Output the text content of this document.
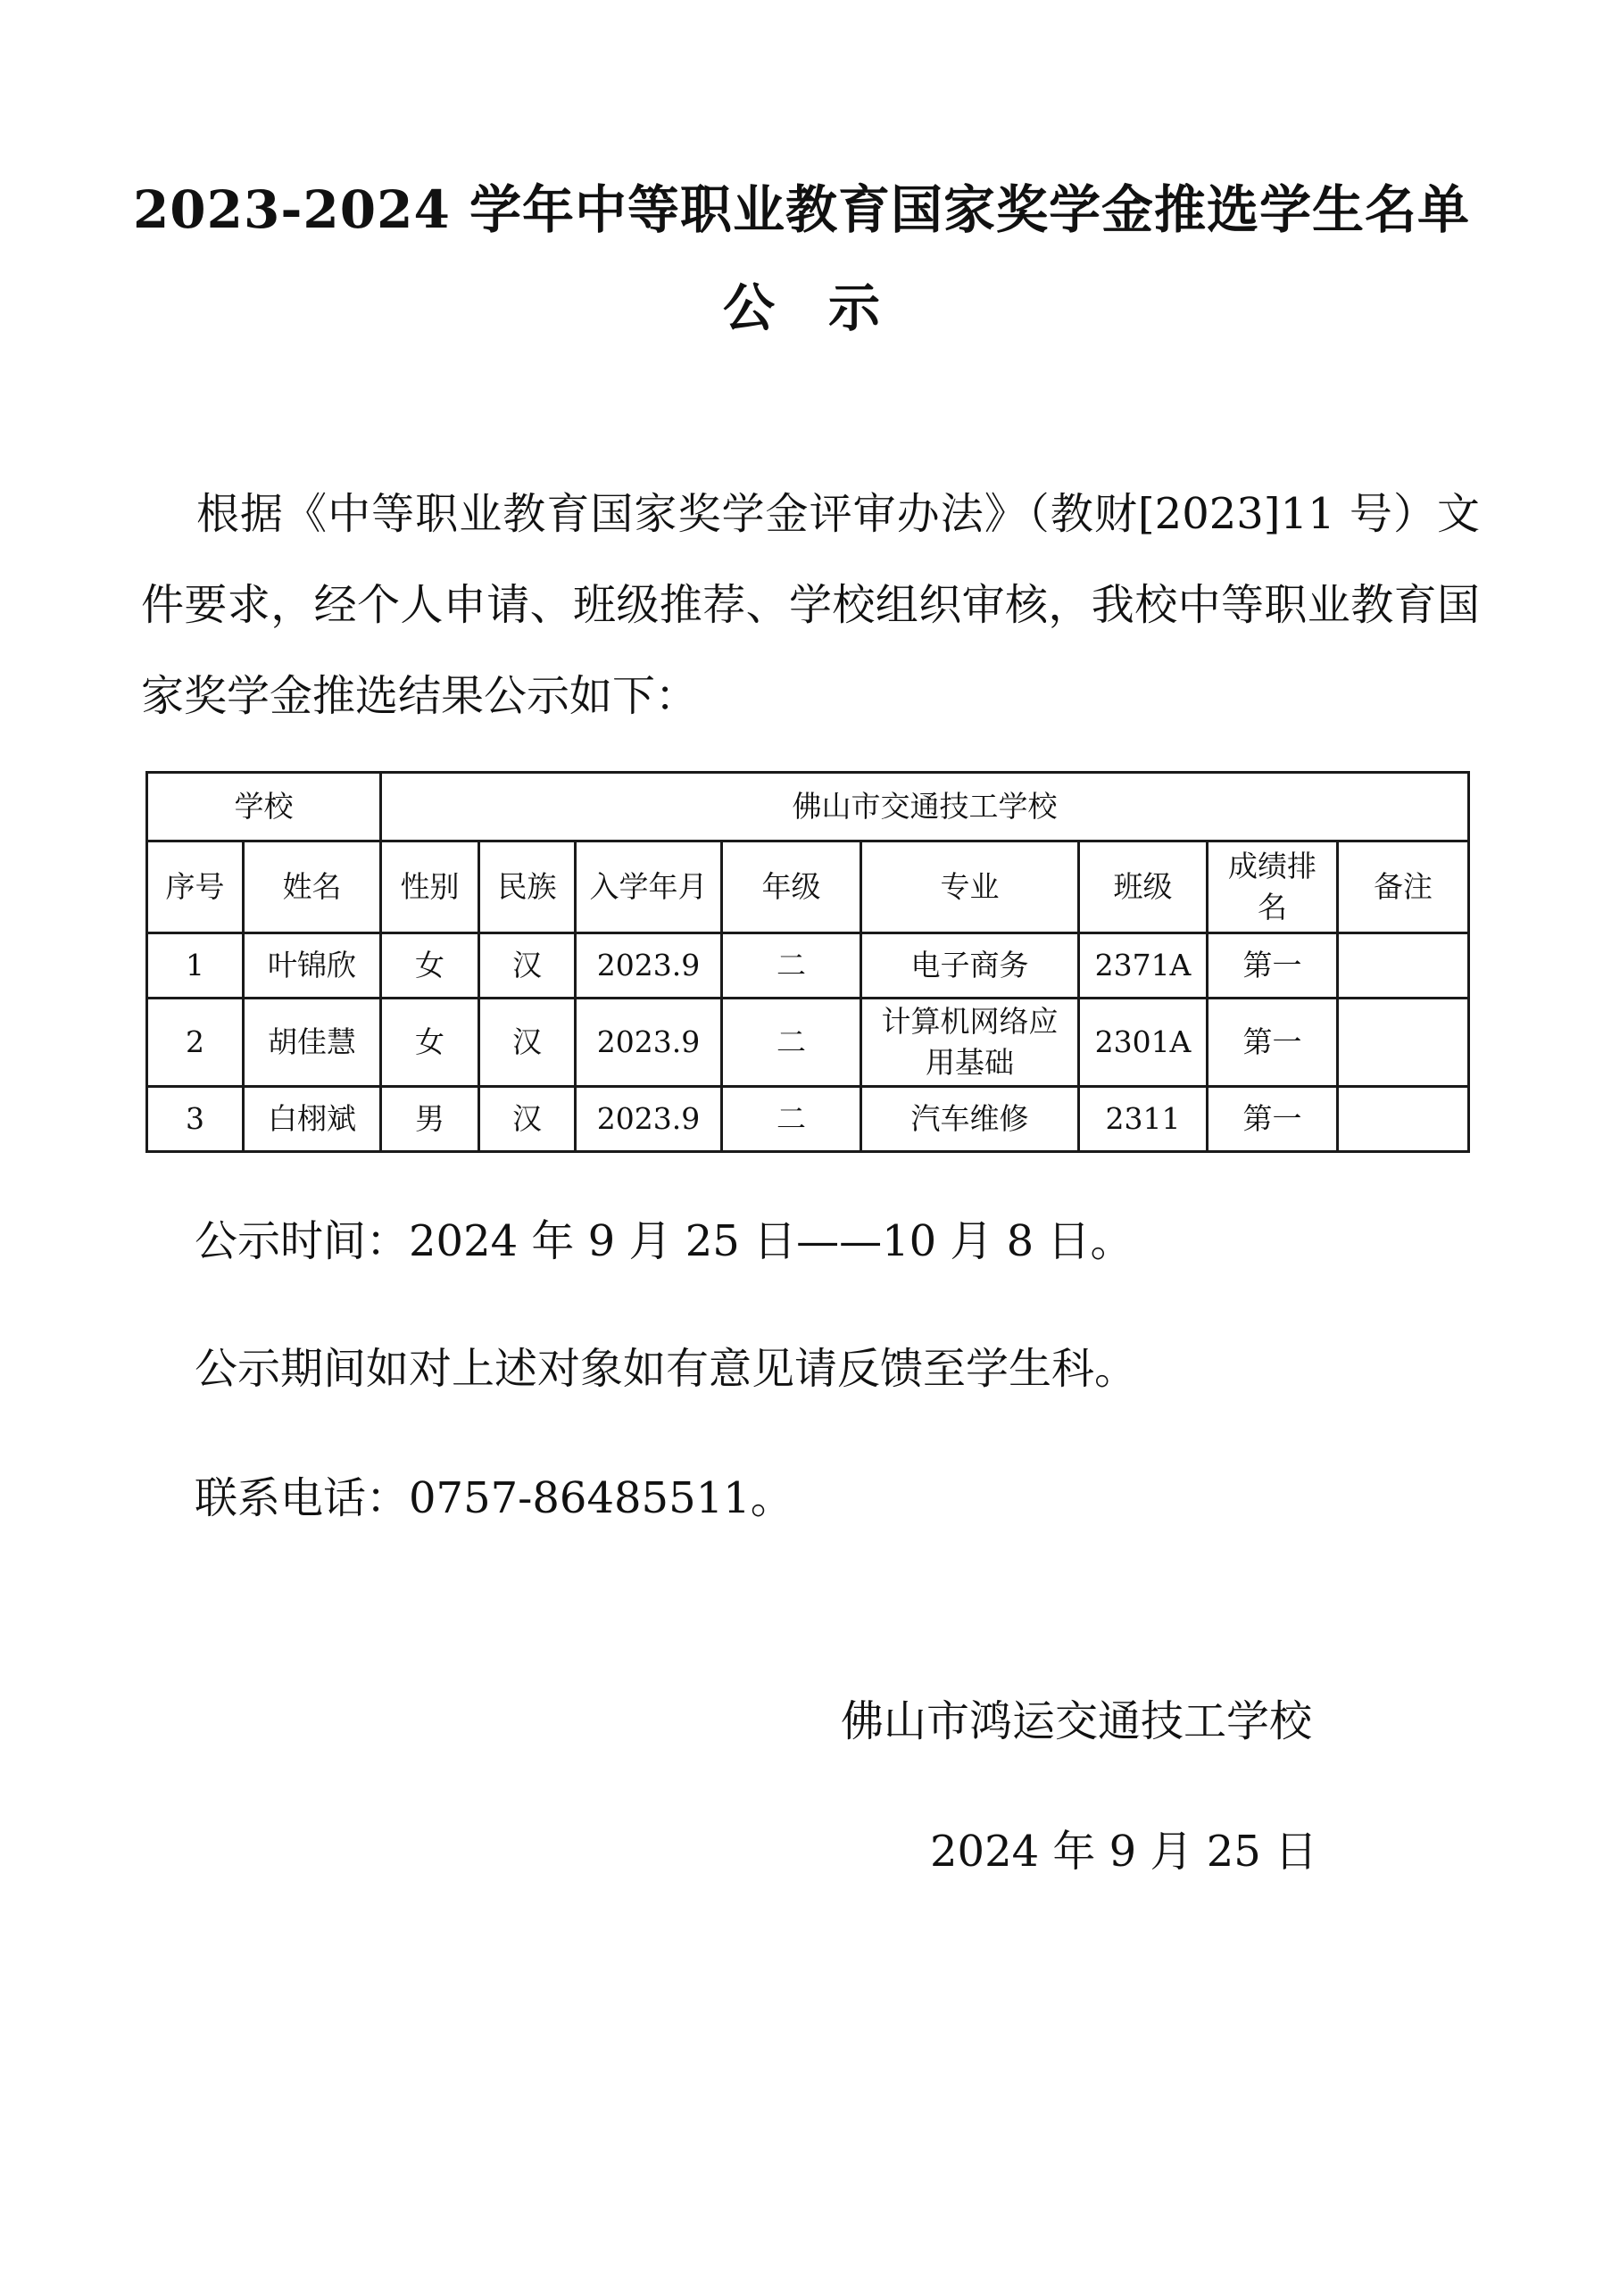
2023-2024 学年中等职业教育国家奖学金推选学生名单
公示
根据《中等职业教育国家奖学金评审办法》（教财[2023]11 号）文件要求，经个人申请、班级推荐、学校组织审核，我校中等职业教育国家奖学金推选结果公示如下：
学校		佛山市交通技工学校							
序号	姓名	性别	民族	入学年月	年级	专业	班级	成绩排名	备注
1	叶锦欣	女	汉	2023.9	二	电子商务	2371A	第一	
2	胡佳慧	女	汉	2023.9	二	计算机网络应用基础	2301A	第一	
3	白栩斌	男	汉	2023.9	二	汽车维修	2311	第一	
公示时间：2024 年 9 月 25 日——10 月 8 日。
公示期间如对上述对象如有意见请反馈至学生科。
联系电话：0757-86485511。
佛山市鸿运交通技工学校
2024 年 9 月 25 日
